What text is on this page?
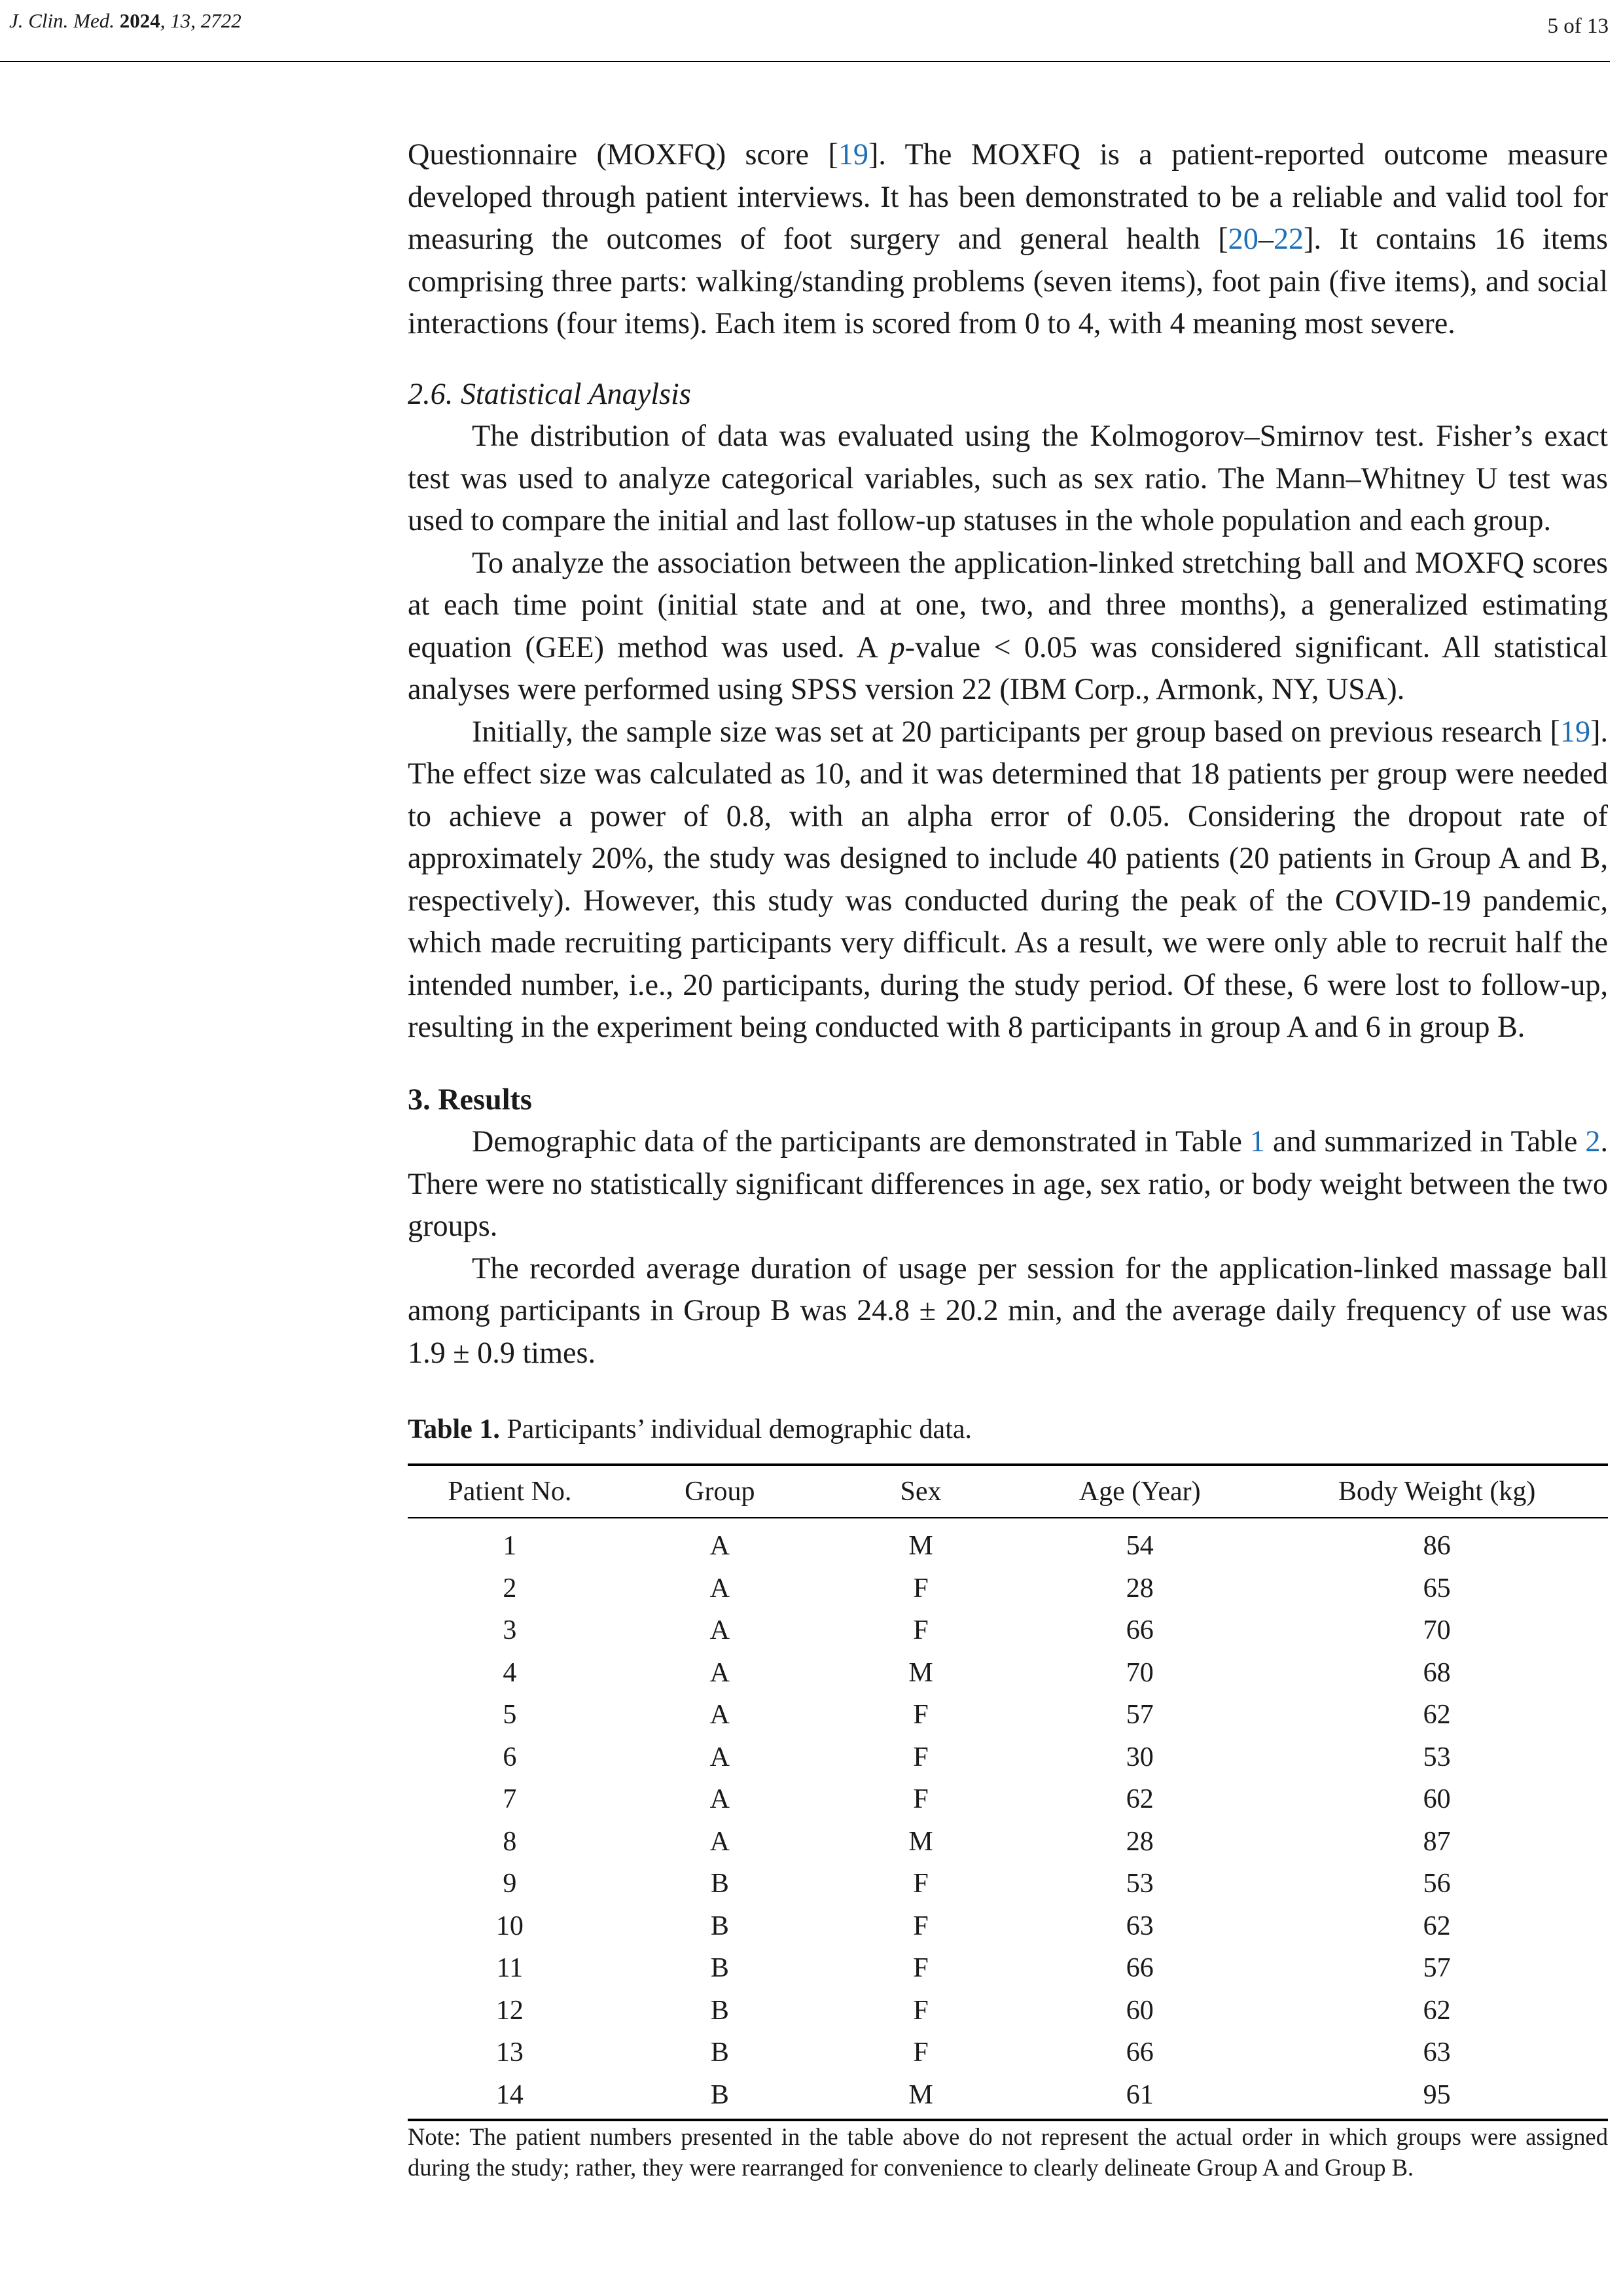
J. Clin. Med. 2024, 13, 2722	5 of 13

Questionnaire (MOXFQ) score [19]. The MOXFQ is a patient-reported outcome measure developed through patient interviews. It has been demonstrated to be a reliable and valid tool for measuring the outcomes of foot surgery and general health [20–22]. It contains 16 items comprising three parts: walking/standing problems (seven items), foot pain (five items), and social interactions (four items). Each item is scored from 0 to 4, with 4 meaning most severe.

2.6. Statistical Anaylsis

The distribution of data was evaluated using the Kolmogorov–Smirnov test. Fisher’s exact test was used to analyze categorical variables, such as sex ratio. The Mann–Whitney U test was used to compare the initial and last follow-up statuses in the whole population and each group.

To analyze the association between the application-linked stretching ball and MOXFQ scores at each time point (initial state and at one, two, and three months), a generalized estimating equation (GEE) method was used. A p-value < 0.05 was considered significant. All statistical analyses were performed using SPSS version 22 (IBM Corp., Armonk, NY, USA).

Initially, the sample size was set at 20 participants per group based on previous research [19]. The effect size was calculated as 10, and it was determined that 18 patients per group were needed to achieve a power of 0.8, with an alpha error of 0.05. Considering the dropout rate of approximately 20%, the study was designed to include 40 patients (20 patients in Group A and B, respectively). However, this study was conducted during the peak of the COVID-19 pandemic, which made recruiting participants very difficult. As a result, we were only able to recruit half the intended number, i.e., 20 participants, during the study period. Of these, 6 were lost to follow-up, resulting in the experiment being conducted with 8 participants in group A and 6 in group B.

3. Results

Demographic data of the participants are demonstrated in Table 1 and summarized in Table 2. There were no statistically significant differences in age, sex ratio, or body weight between the two groups.

The recorded average duration of usage per session for the application-linked massage ball among participants in Group B was 24.8 ± 20.2 min, and the average daily frequency of use was 1.9 ± 0.9 times.

Table 1. Participants’ individual demographic data.

Patient No.	Group	Sex	Age (Year)	Body Weight (kg)
1	A	M	54	86
2	A	F	28	65
3	A	F	66	70
4	A	M	70	68
5	A	F	57	62
6	A	F	30	53
7	A	F	62	60
8	A	M	28	87
9	B	F	53	56
10	B	F	63	62
11	B	F	66	57
12	B	F	60	62
13	B	F	66	63
14	B	M	61	95

Note: The patient numbers presented in the table above do not represent the actual order in which groups were assigned during the study; rather, they were rearranged for convenience to clearly delineate Group A and Group B.
